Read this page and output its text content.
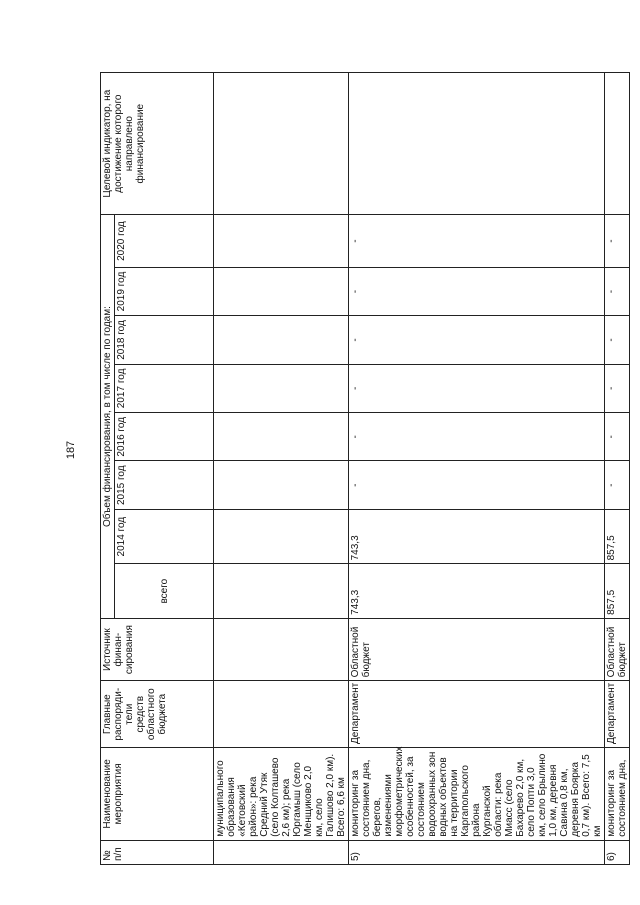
187
№ п/п	Наименование мероприятия	Главные распоряди-тели средств областного бюджета	Источник финан-сирования	Объем финансирования, в том числе по годам:								Целевой индикатор, на достижение которого направлено финансирование
				всего	2014 год	2015 год	2016 год	2017 год	2018 год	2019 год	2020 год	
	муниципального образования «Кетовский район»: река Средний Утяк (село Колташево 2,6 км); река Юргамыш (село Менщиково 2,0 км, село Галишово 2,0 км). Всего: 6,6 км											
5)	мониторинг за состоянием дна, берегов, изменениями морфометрических особенностей, за состоянием водоохранных зон водных объектов на территории Каргапольского района Курганской области: река Миасс (село Бахарево 2,0 км, село Попти 3,0 км, село Брылино 1,0 км, деревня Савина 0,8 км, деревня Боярка 0,7 км). Всего: 7,5 км	Департамент	Областной бюджет	743,3	743,3	-	-	-	-	-	-	
6)	мониторинг за состоянием дна,	Департамент	Областной бюджет	857,5	857,5	-	-	-	-	-	-	
